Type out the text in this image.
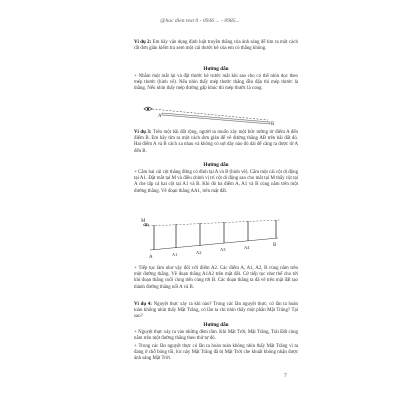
@hoc dien text 0 - 0936 ... - 0985...
Ví dụ 2: Em hãy vận dụng định luật truyền thẳng của ánh sáng để tìm ra một cách rất đơn giản kiểm tra xem một cái thước kẻ của em có thẳng không.
Hướng dẫn
+ Nhắm một mắt lại và đặt thước kẻ trước mắt khi sao cho có thể nhìn dọc theo mép thước (hình vẽ). Nếu nhìn thấy mép thước thẳng đều đặn thì mép thước là thẳng. Nếu nhìn thấy mép đường gấp khúc thì mép thước là cong.
A
B
Ví dụ 3: Trên một bãi đất rộng, người ta muốn xây một bức tường từ điểm A đến điểm B. Em hãy tìm ra một cách đơn giản để vẽ đường thẳng AB trên bãi đất đó. Hai điểm A và B cách xa nhau và không có sợi dây nào đủ dài để căng ra được từ A đến B.
Hướng dẫn
+ Cắm hai cái cột thẳng đứng có đỉnh tại A và B (hình vẽ). Cắm một cái cột di động tại A1. Đặt mắt tại M và điều chỉnh vị trí cột di động sao cho mắt tại M thấy cột tại A che lấp cả hai cột tại A1 và B. Khi đó ba điểm A, A1 và B cùng nằm trên một đường thẳng. Vẽ đoạn thẳng AA1, trên mặt đất.
M
A
A1	A2
A3	A4	B
+ Tiếp tục làm như vậy đối với điểm A2. Các điểm A, A1, A2, B cùng nằm trên một đường thẳng. Vẽ đoạn thẳng A1A2 trên mặt đất. Cứ tiếp tục như thế cho tới khi đoạn thẳng cuối cùng tiến cùng tới B. Các đoạn thẳng ta đã vẽ trên mặt đất tạo thành đường thẳng nối A và B.
Ví dụ 4: Nguyệt thực xảy ra khi nào? Trong các lần nguyệt thực, có lần ta hoàn toàn không nhìn thấy Mặt Trăng, có lần ta chỉ nhìn thấy một phần Mặt Trăng? Tại sao?
Hướng dẫn
+ Nguyệt thực xảy ra vào những đêm rằm. Khi Mặt Trời, Mặt Trăng, Trái Đất cùng nằm trên một đường thẳng theo thứ tự đó.
+ Trong các lần nguyệt thực có lần ta hoàn toàn không nhìn thấy Mặt Trăng vì ta đang ở chỗ bóng tối, lúc này Mặt Trăng đã bị Mặt Trời che khuất không nhận được ánh sáng Mặt Trời.
7
